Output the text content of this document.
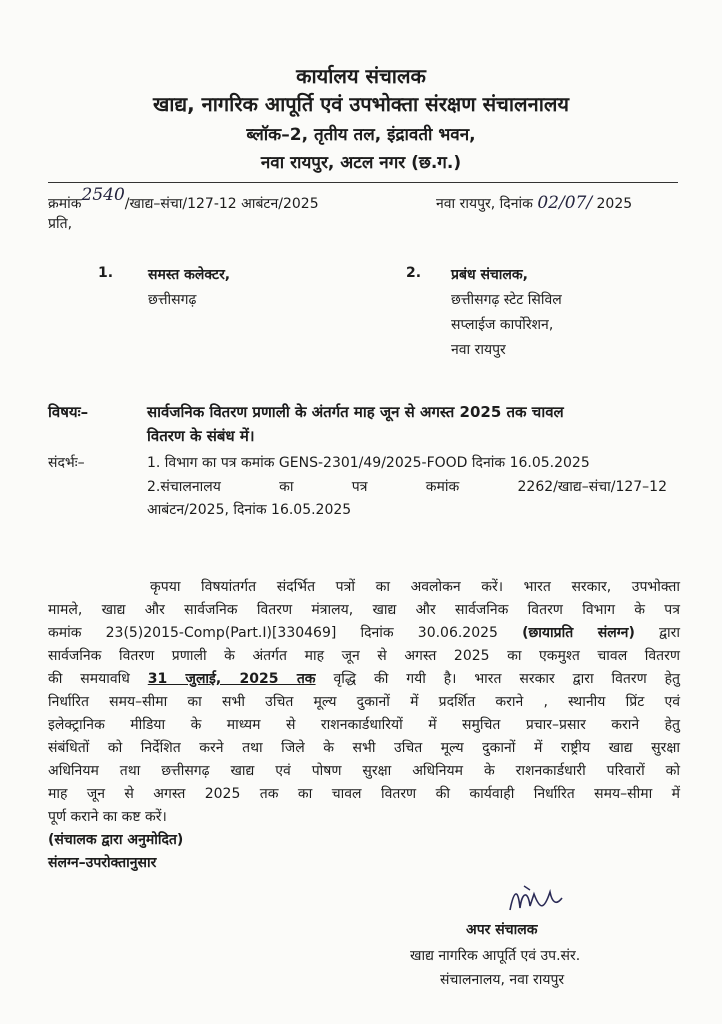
कार्यालय संचालक
खाद्य, नागरिक आपूर्ति एवं उपभोक्ता संरक्षण संचालनालय
ब्लॉक–2, तृतीय तल, इंद्रावती भवन,
नवा रायपुर, अटल नगर (छ.ग.)
क्रमांक2540/खाद्य–संचा/127-12 आबंटन/2025	नवा रायपुर, दिनांक 02/07/ 2025
प्रति,
1. समस्त कलेक्टर,
छत्तीसगढ़
2. प्रबंध संचालक,
छत्तीसगढ़ स्टेट सिविल
सप्लाईज कार्पोरेशन,
नवा रायपुर
विषयः–	सार्वजनिक वितरण प्रणाली के अंतर्गत माह जून से अगस्त 2025 तक चावल
वितरण के संबंध में।
संदर्भः–	1. विभाग का पत्र कमांक GENS-2301/49/2025-FOOD दिनांक 16.05.2025
2.संचालनालय का पत्र कमांक 2262/खाद्य–संचा/127–12
आबंटन/2025, दिनांक 16.05.2025
कृपया विषयांतर्गत संदर्भित पत्रों का अवलोकन करें। भारत सरकार, उपभोक्ता
मामले, खाद्य और सार्वजनिक वितरण मंत्रालय, खाद्य और सार्वजनिक वितरण विभाग के पत्र
कमांक 23(5)2015-Comp(Part.I)[330469] दिनांक 30.06.2025 (छायाप्रति संलग्न) द्वारा
सार्वजनिक वितरण प्रणाली के अंतर्गत माह जून से अगस्त 2025 का एकमुश्त चावल वितरण
की समयावधि 31 जुलाई, 2025 तक वृद्धि की गयी है। भारत सरकार द्वारा वितरण हेतु
निर्धारित समय–सीमा का सभी उचित मूल्य दुकानों में प्रदर्शित कराने , स्थानीय प्रिंट एवं
इलेक्ट्रानिक मीडिया के माध्यम से राशनकार्डधारियों में समुचित प्रचार–प्रसार कराने हेतु
संबंधितों को निर्देशित करने तथा जिले के सभी उचित मूल्य दुकानों में राष्ट्रीय खाद्य सुरक्षा
अधिनियम तथा छत्तीसगढ़ खाद्य एवं पोषण सुरक्षा अधिनियम के राशनकार्डधारी परिवारों को
माह जून से अगस्त 2025 तक का चावल वितरण की कार्यवाही निर्धारित समय–सीमा में
पूर्ण कराने का कष्ट करें।
(संचालक द्वारा अनुमोदित)
संलग्न–उपरोक्तानुसार
अपर संचालक
खाद्य नागरिक आपूर्ति एवं उप.संर.
संचालनालय, नवा रायपुर
